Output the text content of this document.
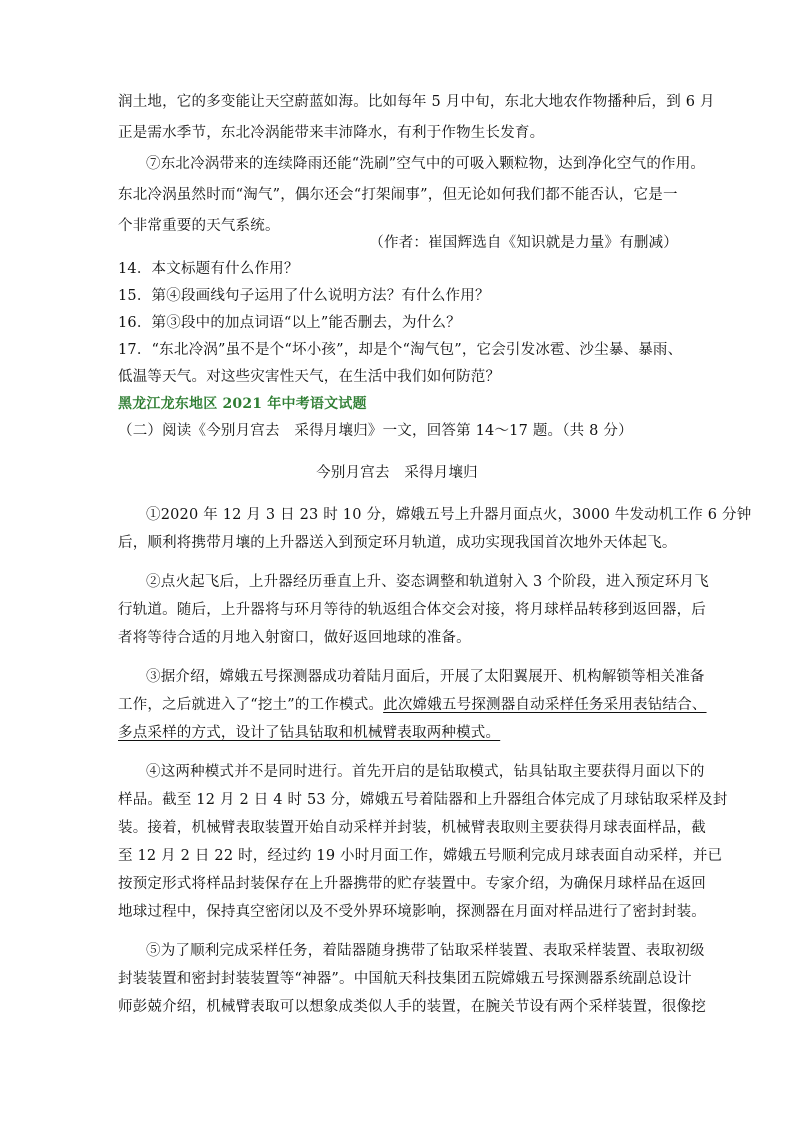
润土地，它的多变能让天空蔚蓝如海。比如每年 5 月中旬，东北大地农作物播种后，到 6 月
正是需水季节，东北冷涡能带来丰沛降水，有利于作物生长发育。
⑦东北冷涡带来的连续降雨还能“洗刷”空气中的可吸入颗粒物，达到净化空气的作用。
东北冷涡虽然时而“淘气”，偶尔还会“打架闹事”，但无论如何我们都不能否认，它是一
个非常重要的天气系统。
（作者：崔国辉选自《知识就是力量》有删减）
14．本文标题有什么作用？
15．第④段画线句子运用了什么说明方法？有什么作用？
16．第③段中的加点词语“以上”能否删去，为什么？
17．“东北冷涡”虽不是个“坏小孩”，却是个“淘气包”，它会引发冰雹、沙尘暴、暴雨、
低温等天气。对这些灾害性天气，在生活中我们如何防范？
黑龙江龙东地区 2021 年中考语文试题
（二）阅读《今别月宫去　采得月壤归》一文，回答第 14～17 题。（共 8 分）
今别月宫去　采得月壤归
①2020 年 12 月 3 日 23 时 10 分，嫦娥五号上升器月面点火，3000 牛发动机工作 6 分钟
后，顺利将携带月壤的上升器送入到预定环月轨道，成功实现我国首次地外天体起飞。
②点火起飞后，上升器经历垂直上升、姿态调整和轨道射入 3 个阶段，进入预定环月飞
行轨道。随后，上升器将与环月等待的轨返组合体交会对接，将月球样品转移到返回器，后
者将等待合适的月地入射窗口，做好返回地球的准备。
③据介绍，嫦娥五号探测器成功着陆月面后，开展了太阳翼展开、机构解锁等相关准备
工作，之后就进入了“挖土”的工作模式。此次嫦娥五号探测器自动采样任务采用表钻结合、
多点采样的方式，设计了钻具钻取和机械臂表取两种模式。
④这两种模式并不是同时进行。首先开启的是钻取模式，钻具钻取主要获得月面以下的
样品。截至 12 月 2 日 4 时 53 分，嫦娥五号着陆器和上升器组合体完成了月球钻取采样及封
装。接着，机械臂表取装置开始自动采样并封装，机械臂表取则主要获得月球表面样品，截
至 12 月 2 日 22 时，经过约 19 小时月面工作，嫦娥五号顺利完成月球表面自动采样，并已
按预定形式将样品封装保存在上升器携带的贮存装置中。专家介绍，为确保月球样品在返回
地球过程中，保持真空密闭以及不受外界环境影响，探测器在月面对样品进行了密封封装。
⑤为了顺利完成采样任务，着陆器随身携带了钻取采样装置、表取采样装置、表取初级
封装装置和密封封装装置等“神器”。中国航天科技集团五院嫦娥五号探测器系统副总设计
师彭兢介绍，机械臂表取可以想象成类似人手的装置，在腕关节设有两个采样装置，很像挖
